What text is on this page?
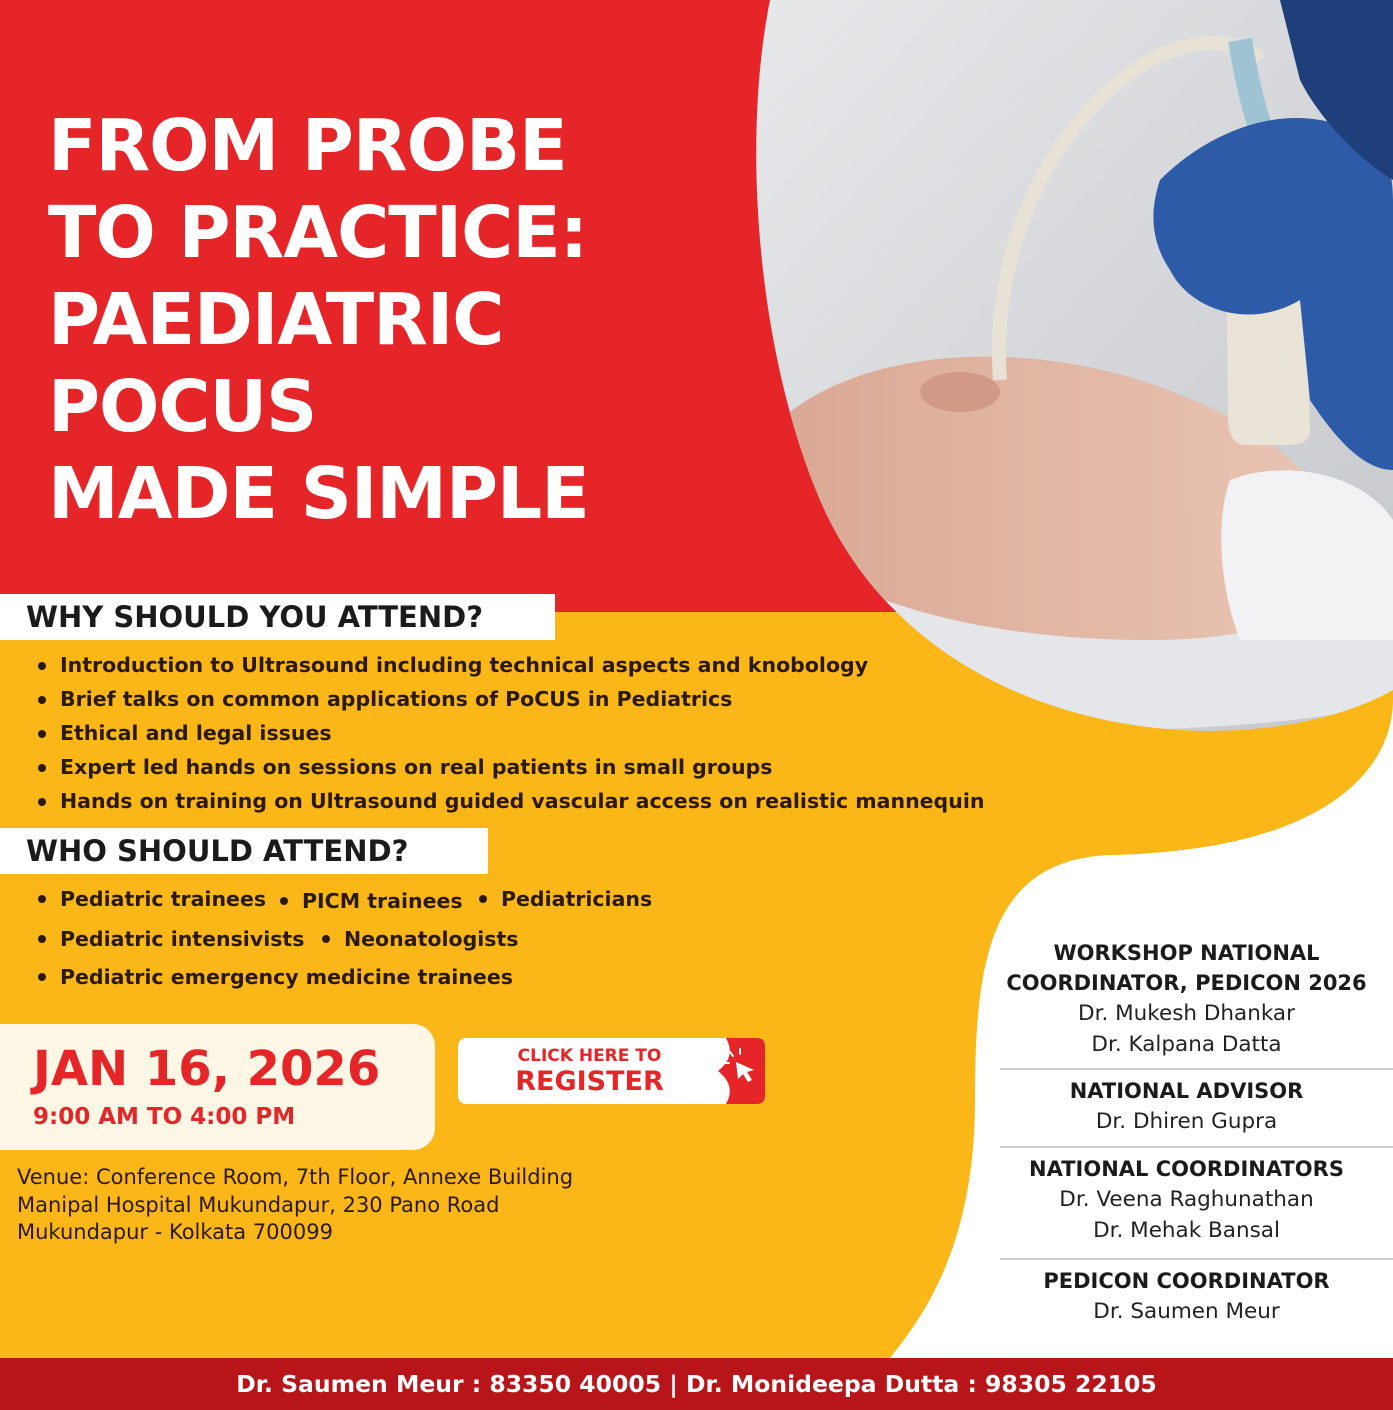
FROM PROBE
TO PRACTICE:
PAEDIATRIC
POCUS
MADE SIMPLE
WHY SHOULD YOU ATTEND?
Introduction to Ultrasound including technical aspects and knobology
Brief talks on common applications of PoCUS in Pediatrics
Ethical and legal issues
Expert led hands on sessions on real patients in small groups
Hands on training on Ultrasound guided vascular access on realistic mannequin
WHO SHOULD ATTEND?
Pediatric trainees	PICM trainees	Pediatricians
Pediatric intensivists	Neonatologists
Pediatric emergency medicine trainees
JAN 16, 2026
9:00 AM TO 4:00 PM
CLICK HERE TO
REGISTER
Venue: Conference Room, 7th Floor, Annexe Building
Manipal Hospital Mukundapur, 230 Pano Road
Mukundapur - Kolkata 700099
WORKSHOP NATIONAL
COORDINATOR, PEDICON 2026
Dr. Mukesh Dhankar
Dr. Kalpana Datta
NATIONAL ADVISOR
Dr. Dhiren Gupra
NATIONAL COORDINATORS
Dr. Veena Raghunathan
Dr. Mehak Bansal
PEDICON COORDINATOR
Dr. Saumen Meur
Dr. Saumen Meur : 83350 40005 | Dr. Monideepa Dutta : 98305 22105
